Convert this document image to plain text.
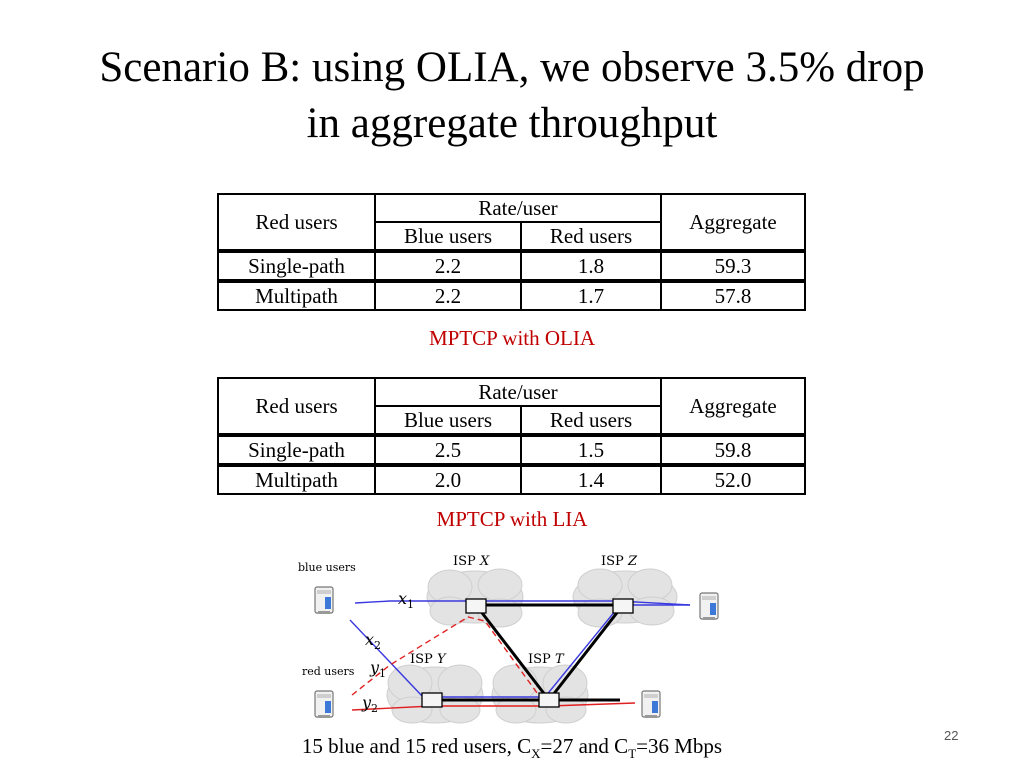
Scenario B: using OLIA, we observe 3.5% drop
in aggregate throughput
Red users	Rate/user		Aggregate
	Blue users	Red users	
Single-path	2.2	1.8	59.3
Multipath	2.2	1.7	57.8
MPTCP with OLIA
Red users	Rate/user		Aggregate
	Blue users	Red users	
Single-path	2.5	1.5	59.8
Multipath	2.0	1.4	52.0
MPTCP with LIA
blue users
red users
ISP X	ISP Z
ISP Y	ISP T
$x_1$
$x_2$
$y_1$
$y_2$
15 blue and 15 red users, $C_X=27$ and $C_T=36$ Mbps	22
